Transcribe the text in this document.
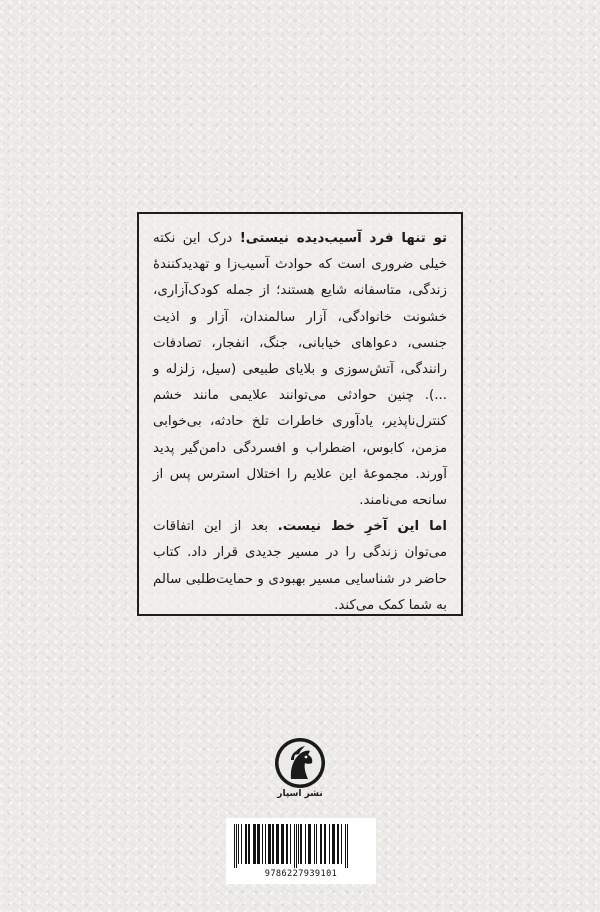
تو تنها فرد آسیب‌دیده نیستی! درک این نکته خیلی ضروری است که حوادث آسیب‌زا و تهدیدکنندهٔ زندگی، متاسفانه شایع هستند؛ از جمله کودک‌آزاری، خشونت خانوادگی، آزار سالمندان، آزار و اذیت جنسی، دعواهای خیابانی، جنگ، انفجار، تصادفات رانندگی، آتش‌سوزی و بلایای طبیعی (سیل، زلزله و ...). چنین حوادثی می‌توانند علایمی مانند خشم کنترل‌ناپذیر، یادآوری خاطرات تلخ حادثه، بی‌خوابی مزمن، کابوس، اضطراب و افسردگی دامن‌گیر پدید آورند. مجموعهٔ این علایم را اختلال استرس پس از سانحه می‌نامند.

اما این آخرِ خط نیست. بعد از این اتفاقات می‌توان زندگی را در مسیر جدیدی قرار داد. کتاب حاضر در شناسایی مسیر بهبودی و حمایت‌طلبی سالم به شما کمک می‌کند.

نشر اسپار
9786227939101
